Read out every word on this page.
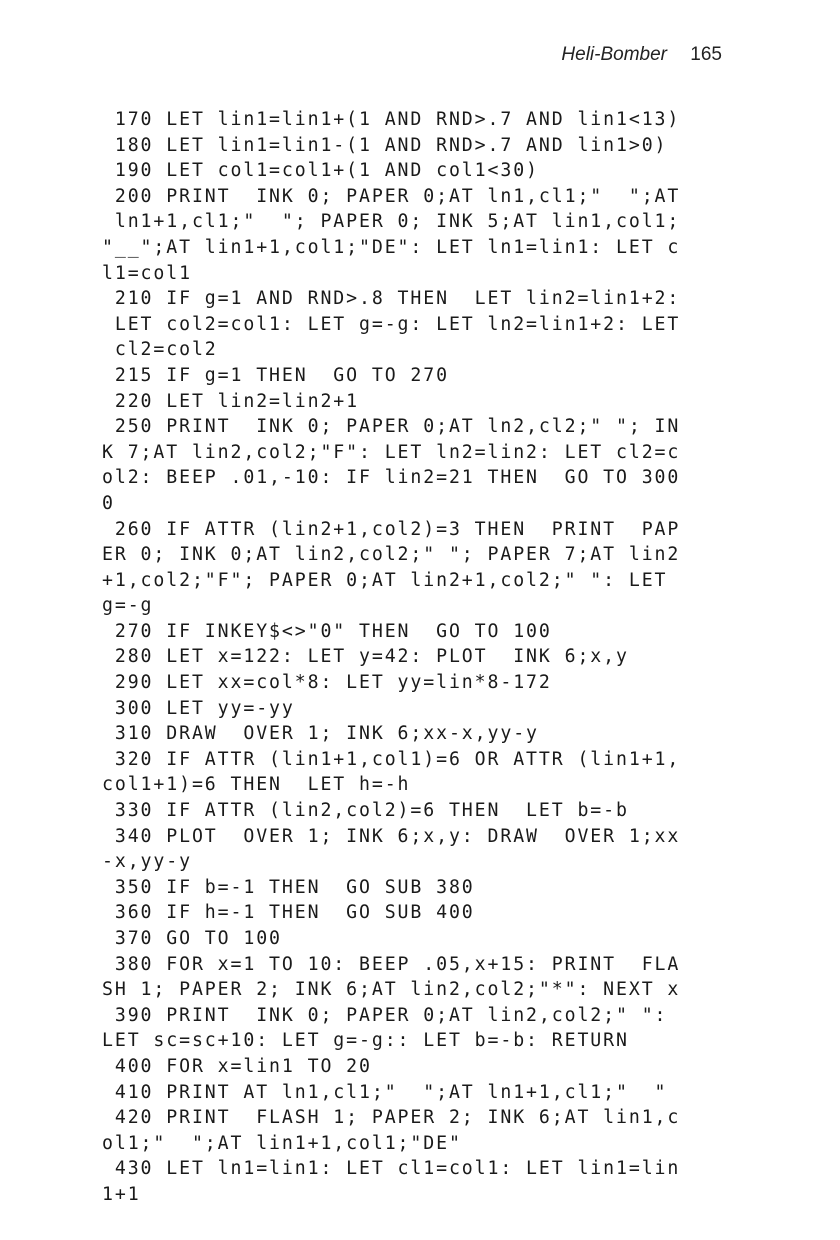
Heli-Bomber 165
170 LET lin1=lin1+(1 AND RND>.7 AND lin1<13)
180 LET lin1=lin1-(1 AND RND>.7 AND lin1>0)
190 LET col1=col1+(1 AND col1<30)
200 PRINT  INK 0; PAPER 0;AT ln1,cl1;"  ";AT
ln1+1,cl1;"  "; PAPER 0; INK 5;AT lin1,col1;
"__";AT lin1+1,col1;"DE": LET ln1=lin1: LET c
l1=col1
210 IF g=1 AND RND>.8 THEN  LET lin2=lin1+2:
LET col2=col1: LET g=-g: LET ln2=lin1+2: LET
cl2=col2
215 IF g=1 THEN  GO TO 270
220 LET lin2=lin2+1
250 PRINT  INK 0; PAPER 0;AT ln2,cl2;" "; IN
K 7;AT lin2,col2;"F": LET ln2=lin2: LET cl2=c
ol2: BEEP .01,-10: IF lin2=21 THEN  GO TO 300
0
260 IF ATTR (lin2+1,col2)=3 THEN  PRINT  PAP
ER 0; INK 0;AT lin2,col2;" "; PAPER 7;AT lin2
+1,col2;"F"; PAPER 0;AT lin2+1,col2;" ": LET
g=-g
270 IF INKEY$<>"0" THEN  GO TO 100
280 LET x=122: LET y=42: PLOT  INK 6;x,y
290 LET xx=col*8: LET yy=lin*8-172
300 LET yy=-yy
310 DRAW  OVER 1; INK 6;xx-x,yy-y
320 IF ATTR (lin1+1,col1)=6 OR ATTR (lin1+1,
col1+1)=6 THEN  LET h=-h
330 IF ATTR (lin2,col2)=6 THEN  LET b=-b
340 PLOT  OVER 1; INK 6;x,y: DRAW  OVER 1;xx
-x,yy-y
350 IF b=-1 THEN  GO SUB 380
360 IF h=-1 THEN  GO SUB 400
370 GO TO 100
380 FOR x=1 TO 10: BEEP .05,x+15: PRINT  FLA
SH 1; PAPER 2; INK 6;AT lin2,col2;"*": NEXT x
390 PRINT  INK 0; PAPER 0;AT lin2,col2;" ":
LET sc=sc+10: LET g=-g:: LET b=-b: RETURN
400 FOR x=lin1 TO 20
410 PRINT AT ln1,cl1;"  ";AT ln1+1,cl1;"  "
420 PRINT  FLASH 1; PAPER 2; INK 6;AT lin1,c
ol1;"  ";AT lin1+1,col1;"DE"
430 LET ln1=lin1: LET cl1=col1: LET lin1=lin
1+1
